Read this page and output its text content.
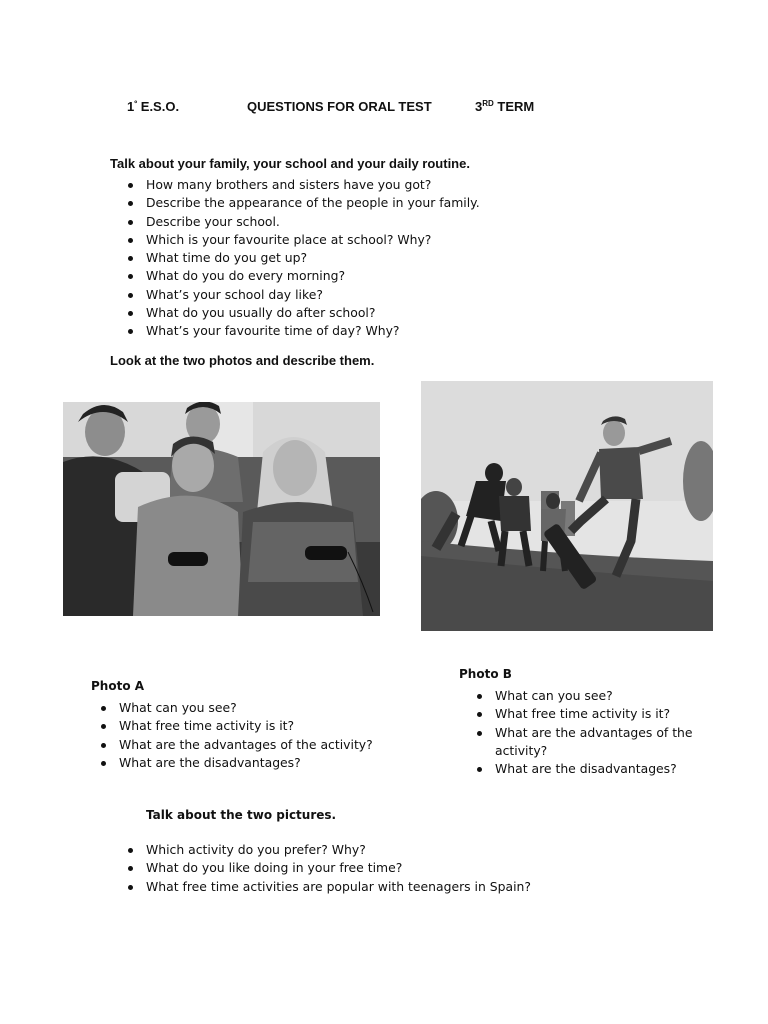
$1^º$ E.S.O.	QUESTIONS FOR ORAL TEST	3RD TERM
Talk about your family, your school and your daily routine.
How many brothers and sisters have you got?
Describe the appearance of the people in your family.
Describe your school.
Which is your favourite place at school? Why?
What time do you get up?
What do you do every morning?
What’s your school day like?
What do you usually do after school?
What’s your favourite time of day? Why?
Look at the two photos and describe them.
Photo A
What can you see?
What free time activity is it?
What are the advantages of the activity?
What are the disadvantages?
Photo B
What can you see?
What free time activity is it?
What are the advantages of the
activity?
What are the disadvantages?
Talk about the two pictures.
Which activity do you prefer? Why?
What do you like doing in your free time?
What free time activities are popular with teenagers in Spain?
